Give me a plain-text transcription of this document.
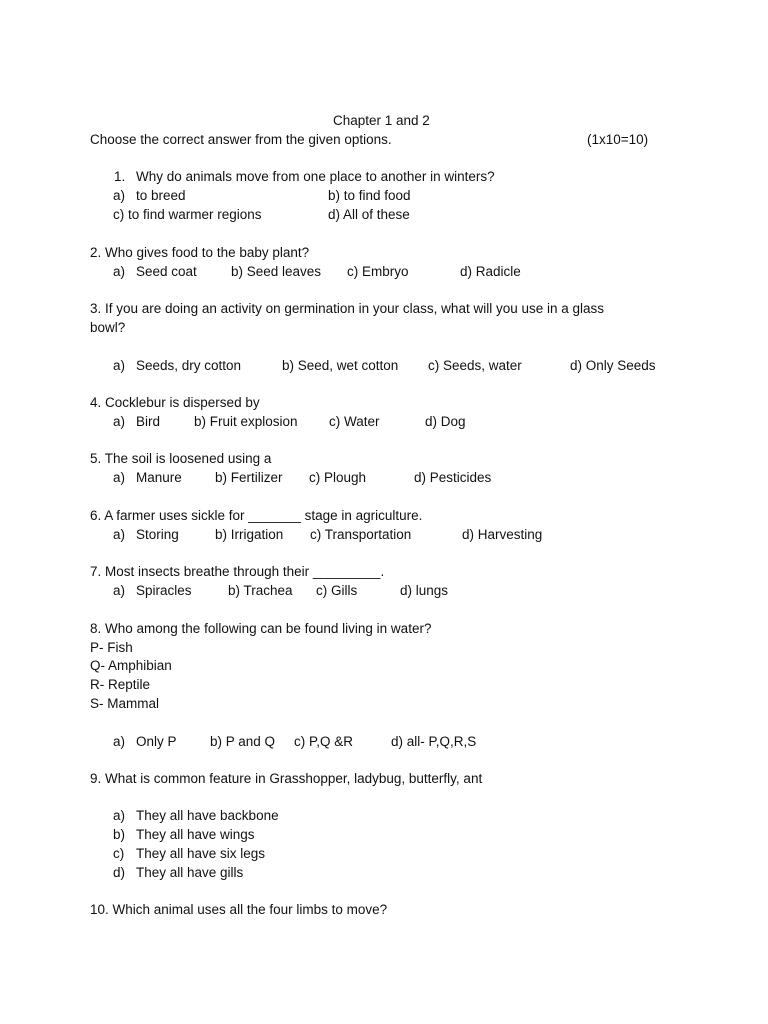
Chapter 1 and 2
Choose the correct answer from the given options.	(1x10=10)
1. Why do animals move from one place to another in winters?
a) to breed	b) to find food
c) to find warmer regions	d) All of these
2. Who gives food to the baby plant?
a) Seed coat	b) Seed leaves c) Embryo	d) Radicle
3. If you are doing an activity on germination in your class, what will you use in a glass
bowl?
a) Seeds, dry cotton	b) Seed, wet cotton c) Seeds, water	d) Only Seeds
4. Cocklebur is dispersed by
a) Bird	b) Fruit explosion c) Water	d) Dog
5. The soil is loosened using a
a) Manure b) Fertilizer c) Plough	d) Pesticides
6. A farmer uses sickle for _______ stage in agriculture.
a) Storing	b) Irrigation c) Transportation	d) Harvesting
7. Most insects breathe through their _________.
a) Spiracles	b) Trachea c) Gills	d) lungs
8. Who among the following can be found living in water?
P- Fish
Q- Amphibian
R- Reptile
S- Mammal
a) Only P b) P and Q c) P,Q &R	d) all- P,Q,R,S
9. What is common feature in Grasshopper, ladybug, butterfly, ant
a) They all have backbone
b) They all have wings
c) They all have six legs
d) They all have gills
10. Which animal uses all the four limbs to move?
